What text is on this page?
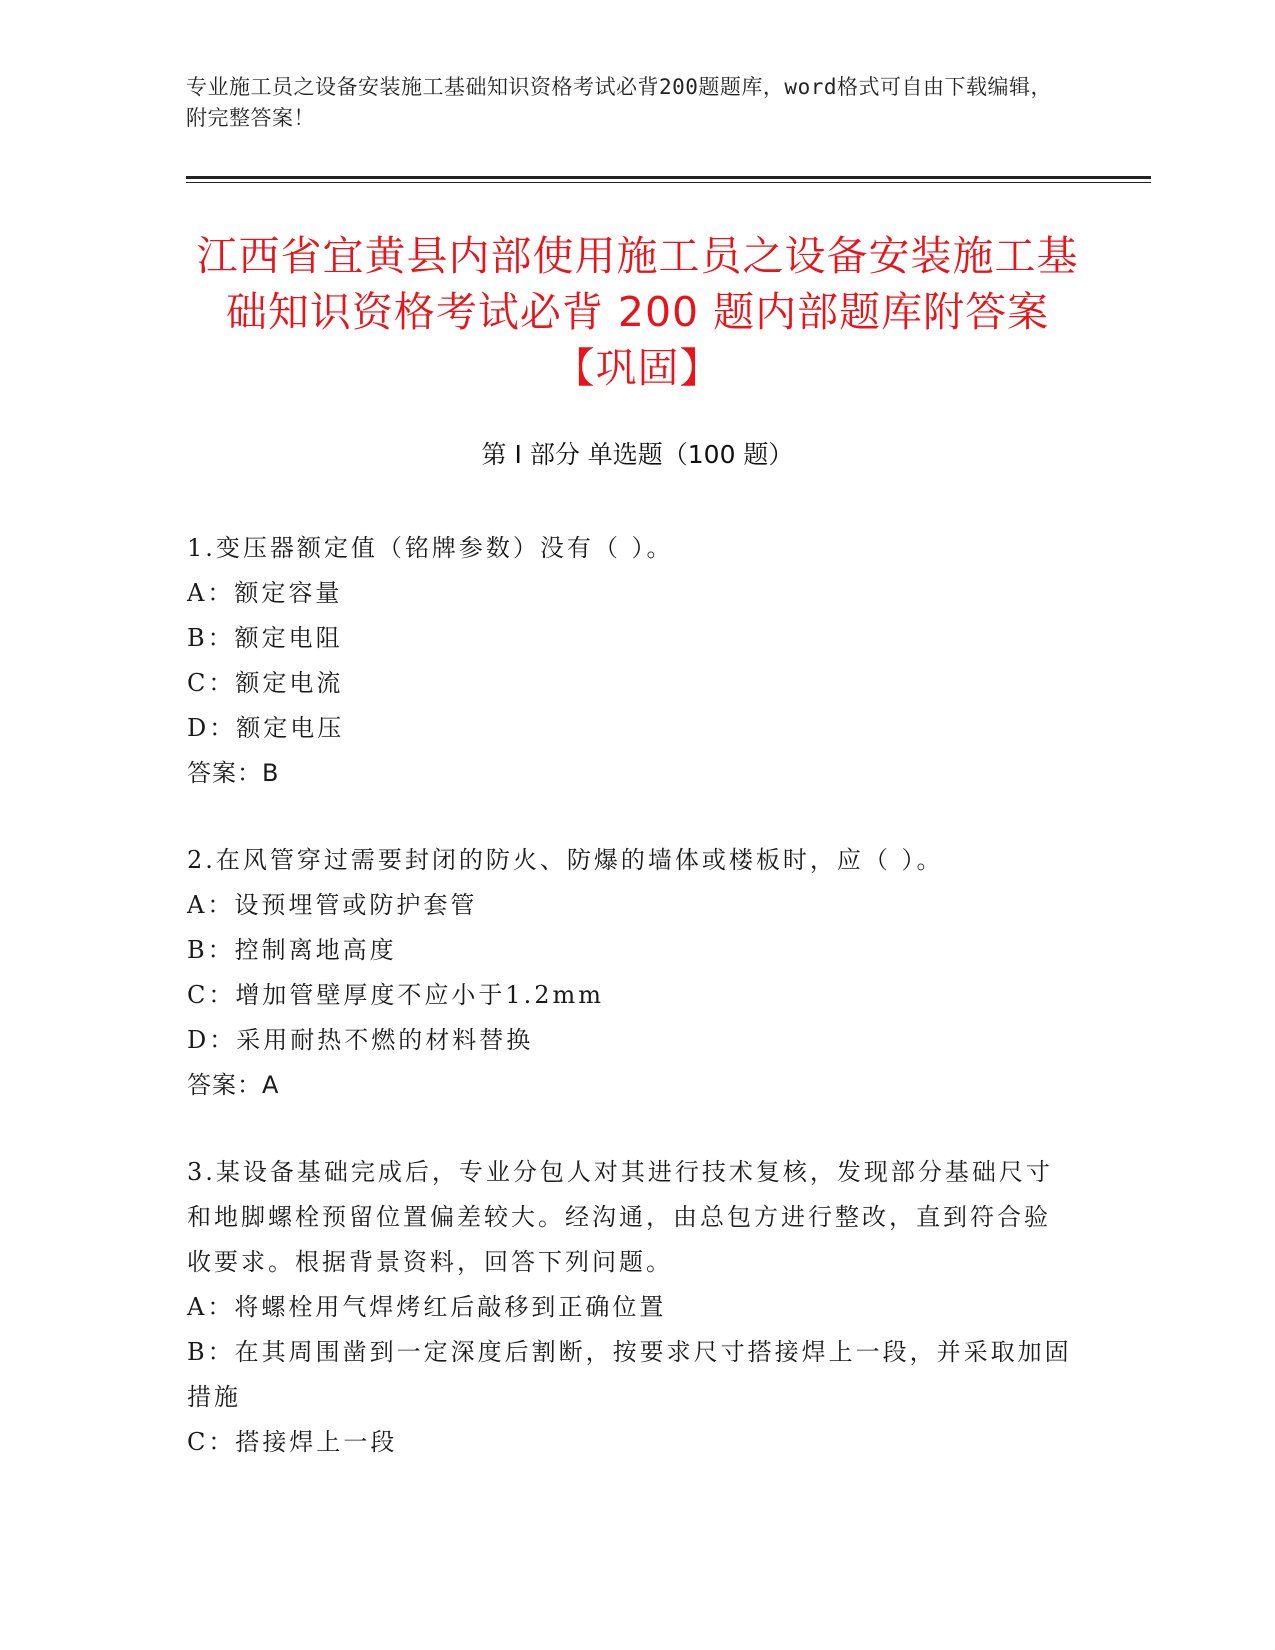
专业施工员之设备安装施工基础知识资格考试必背200题题库，word格式可自由下载编辑，附完整答案！
江西省宜黄县内部使用施工员之设备安装施工基础知识资格考试必背 200 题内部题库附答案【巩固】
第 I 部分 单选题（100 题）
1.变压器额定值（铭牌参数）没有（ ）。
A：额定容量
B：额定电阻
C：额定电流
D：额定电压
答案：B
2.在风管穿过需要封闭的防火、防爆的墙体或楼板时，应（ ）。
A：设预埋管或防护套管
B：控制离地高度
C：增加管壁厚度不应小于1.2mm
D：采用耐热不燃的材料替换
答案：A
3.某设备基础完成后，专业分包人对其进行技术复核，发现部分基础尺寸和地脚螺栓预留位置偏差较大。经沟通，由总包方进行整改，直到符合验收要求。根据背景资料，回答下列问题。
A：将螺栓用气焊烤红后敲移到正确位置
B：在其周围凿到一定深度后割断，按要求尺寸搭接焊上一段，并采取加固措施
C：搭接焊上一段
